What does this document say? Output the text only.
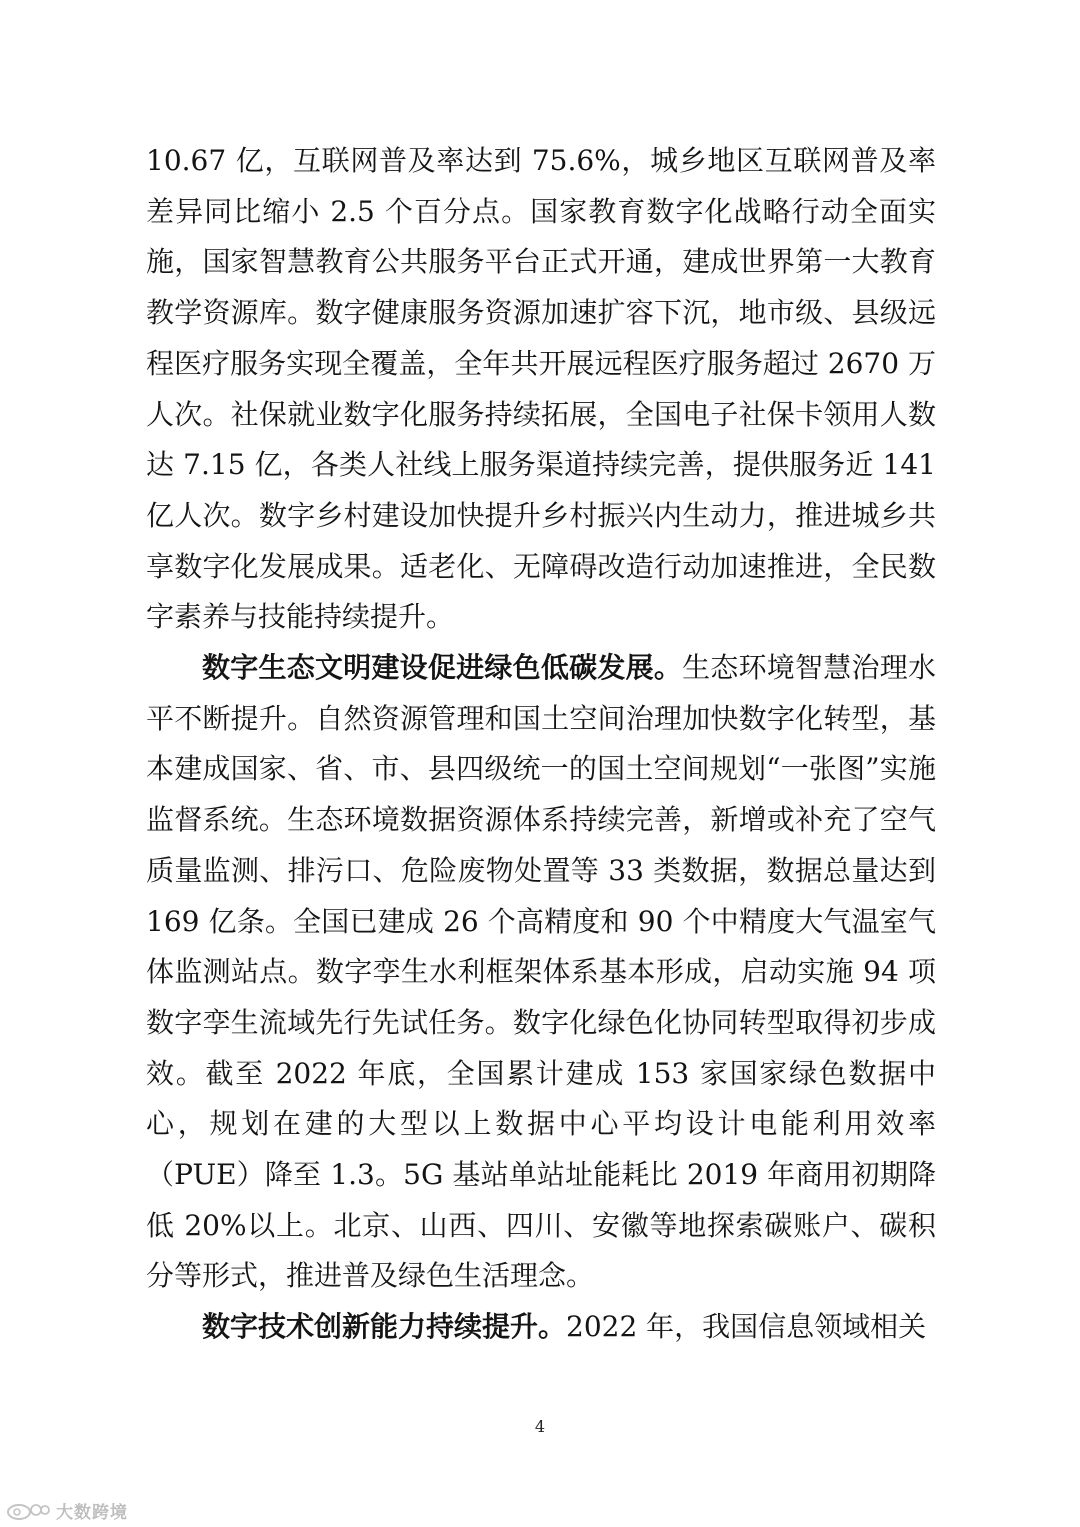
10.67 亿，互联网普及率达到 75.6%，城乡地区互联网普及率差异同比缩小 2.5 个百分点。国家教育数字化战略行动全面实施，国家智慧教育公共服务平台正式开通，建成世界第一大教育教学资源库。数字健康服务资源加速扩容下沉，地市级、县级远程医疗服务实现全覆盖，全年共开展远程医疗服务超过 2670 万人次。社保就业数字化服务持续拓展，全国电子社保卡领用人数达 7.15 亿，各类人社线上服务渠道持续完善，提供服务近 141 亿人次。数字乡村建设加快提升乡村振兴内生动力，推进城乡共享数字化发展成果。适老化、无障碍改造行动加速推进，全民数字素养与技能持续提升。

数字生态文明建设促进绿色低碳发展。生态环境智慧治理水平不断提升。自然资源管理和国土空间治理加快数字化转型，基本建成国家、省、市、县四级统一的国土空间规划“一张图”实施监督系统。生态环境数据资源体系持续完善，新增或补充了空气质量监测、排污口、危险废物处置等 33 类数据，数据总量达到 169 亿条。全国已建成 26 个高精度和 90 个中精度大气温室气体监测站点。数字孪生水利框架体系基本形成，启动实施 94 项数字孪生流域先行先试任务。数字化绿色化协同转型取得初步成效。截至 2022 年底，全国累计建成 153 家国家绿色数据中心，规划在建的大型以上数据中心平均设计电能利用效率（PUE）降至 1.3。5G 基站单站址能耗比 2019 年商用初期降低 20%以上。北京、山西、四川、安徽等地探索碳账户、碳积分等形式，推进普及绿色生活理念。

数字技术创新能力持续提升。2022 年，我国信息领域相关

4
大数跨境
